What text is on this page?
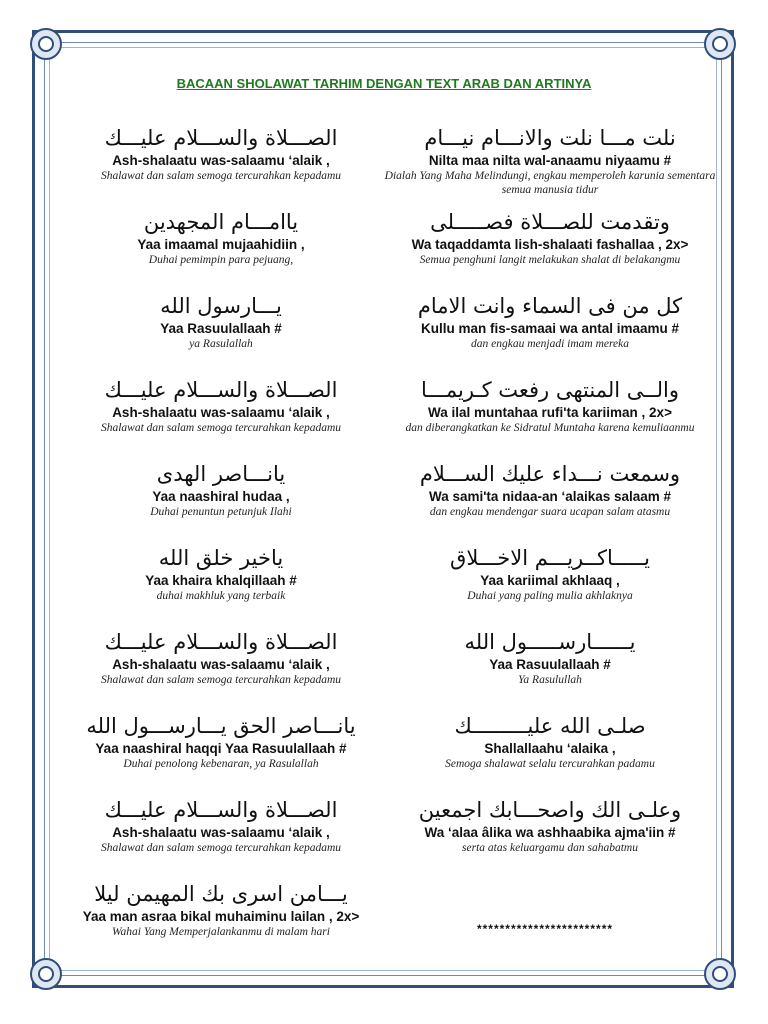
BACAAN SHOLAWAT TARHIM DENGAN TEXT ARAB DAN ARTINYA
الصـــلاة والســـلام عليـــك
Ash-shalaatu was-salaamu ‘alaik ,
Shalawat dan salam semoga tercurahkan kepadamu
ياامـــام المجهدين
Yaa imaamal mujaahidiin ,
Duhai pemimpin para pejuang,
يـــارسول الله
Yaa Rasuulallaah #
ya Rasulallah
الصـــلاة والســـلام عليـــك
Ash-shalaatu was-salaamu ‘alaik ,
Shalawat dan salam semoga tercurahkan kepadamu
يانـــاصر الهدى
Yaa naashiral hudaa ,
Duhai penuntun petunjuk Ilahi
ياخير خلق الله
Yaa khaira khalqillaah #
duhai makhluk yang terbaik
الصـــلاة والســـلام عليـــك
Ash-shalaatu was-salaamu ‘alaik ,
Shalawat dan salam semoga tercurahkan kepadamu
يانـــاصر الحق يـــارســـول الله
Yaa naashiral haqqi Yaa Rasuulallaah #
Duhai penolong kebenaran, ya Rasulallah
الصـــلاة والســـلام عليـــك
Ash-shalaatu was-salaamu ‘alaik ,
Shalawat dan salam semoga tercurahkan kepadamu
يـــامن اسرى بك المهيمن ليلا
Yaa man asraa bikal muhaiminu lailan , 2x>
Wahai Yang Memperjalankanmu di malam hari
نلت مـــا نلت والانـــام نيـــام
Nilta maa nilta wal-anaamu niyaamu #
Dialah Yang Maha Melindungi, engkau memperoleh karunia sementara semua manusia tidur
وتقدمت للصـــلاة فصـــــلى
Wa taqaddamta lish-shalaati fashallaa , 2x>
Semua penghuni langit melakukan shalat di belakangmu
كل من فى السماء وانت الامام
Kullu man fis-samaai wa antal imaamu #
dan engkau menjadi imam mereka
والــى المنتهى رفعت كـريمـــا
Wa ilal muntahaa rufi'ta kariiman , 2x>
dan diberangkatkan ke Sidratul Muntaha karena kemuliaanmu
وسمعت نـــداء عليك الســـلام
Wa sami'ta nidaa-an ‘alaikas salaam #
dan engkau mendengar suara ucapan salam atasmu
يـــــاكــريـــم الاخـــلاق
Yaa kariimal akhlaaq ,
Duhai yang paling mulia akhlaknya
يــــــارســـــول الله
Yaa Rasuulallaah #
Ya Rasulullah
صلـى الله عليـــــــــك
Shallallaahu ‘alaika ,
Semoga shalawat selalu tercurahkan padamu
وعلـى الك واصحـــابك اجمعين
Wa ‘alaa âlika wa ashhaabika ajma'iin #
serta atas keluargamu dan sahabatmu
************************
